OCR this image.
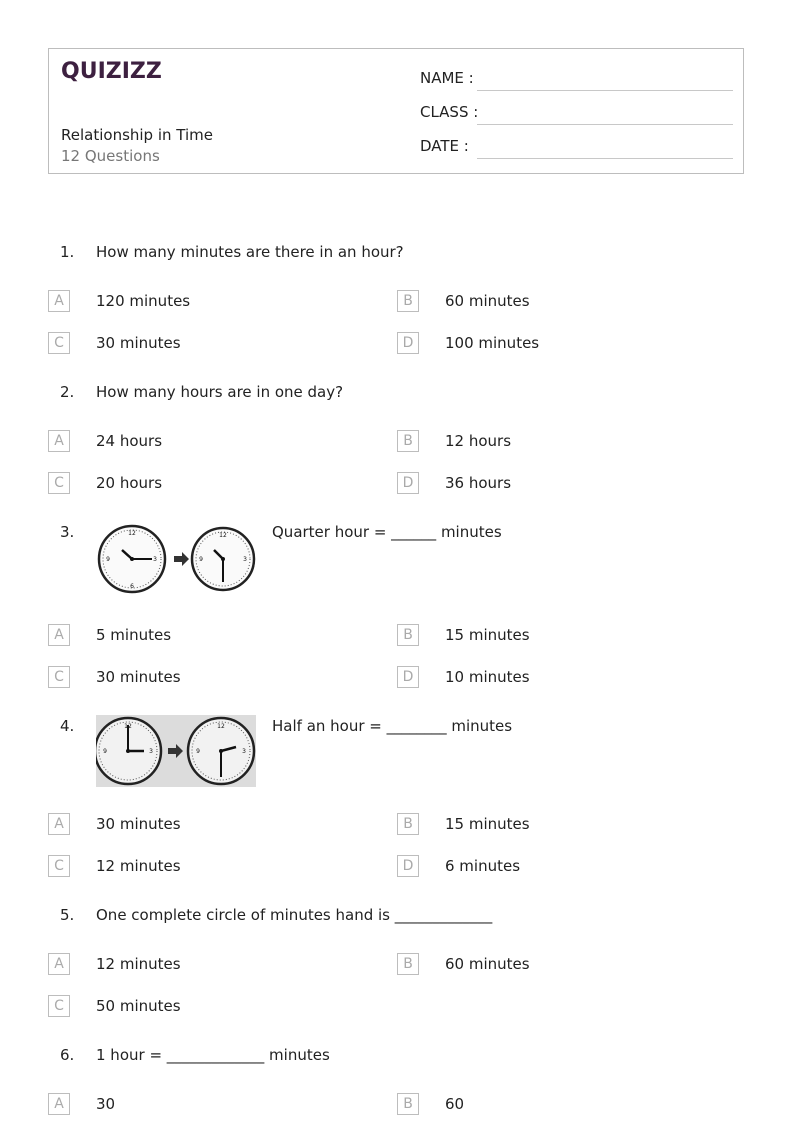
QUIZIZZ
Relationship in Time
12 Questions
NAME :
CLASS :
DATE :
1. How many minutes are there in an hour?
A	120 minutes	B	60 minutes
C	30 minutes	D	100 minutes
2. How many hours are in one day?
A	24 hours	B	12 hours
C	20 hours	D	36 hours
3.	12
3
6
9
12
3
9
Quarter hour = ______ minutes
A	5 minutes	B	15 minutes
C	30 minutes	D	10 minutes
4.	12
3
9
12
3
9
Half an hour = ________ minutes
A	30 minutes	B	15 minutes
C	12 minutes	D	6 minutes
5. One complete circle of minutes hand is _____________
A	12 minutes	B	60 minutes
C	50 minutes
6. 1 hour = _____________ minutes
A	30	B	60
